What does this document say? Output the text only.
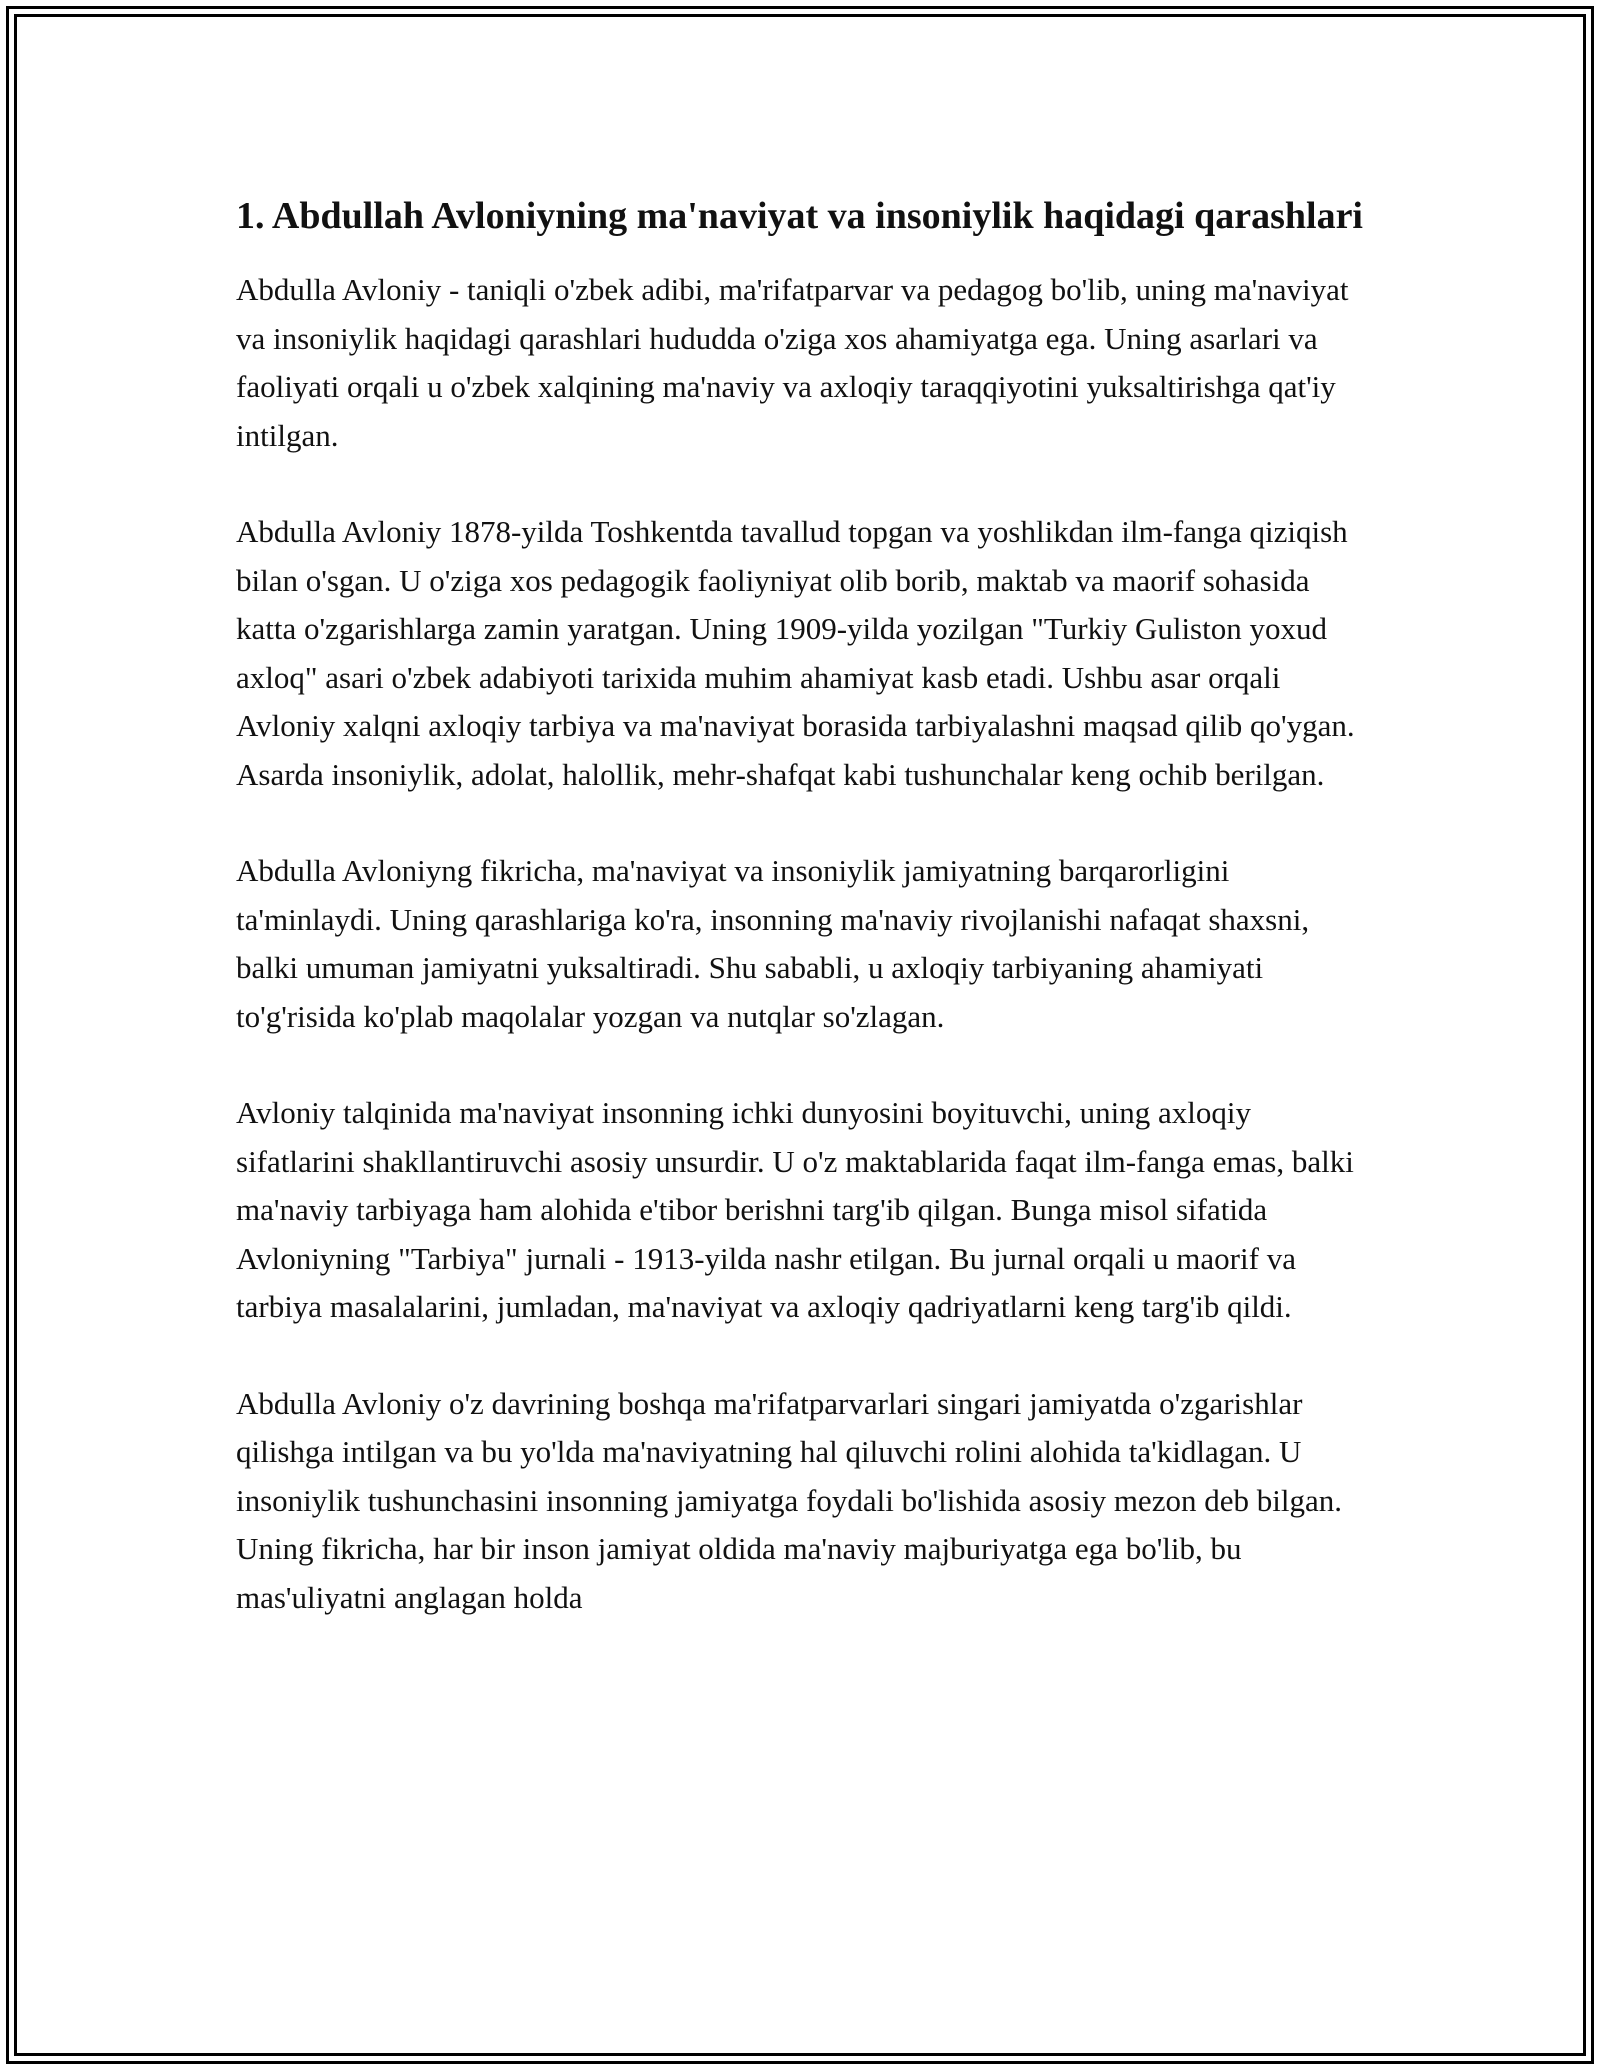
1. Abdullah Avloniyning ma'naviyat va insoniylik haqidagi qarashlari

Abdulla Avloniy - taniqli o'zbek adibi, ma'rifatparvar va pedagog bo'lib, uning ma'naviyat va insoniylik haqidagi qarashlari hududda o'ziga xos ahamiyatga ega. Uning asarlari va faoliyati orqali u o'zbek xalqining ma'naviy va axloqiy taraqqiyotini yuksaltirishga qat'iy intilgan.

Abdulla Avloniy 1878-yilda Toshkentda tavallud topgan va yoshlikdan ilm-fanga qiziqish bilan o'sgan. U o'ziga xos pedagogik faoliyniyat olib borib, maktab va maorif sohasida katta o'zgarishlarga zamin yaratgan. Uning 1909-yilda yozilgan "Turkiy Guliston yoxud axloq" asari o'zbek adabiyoti tarixida muhim ahamiyat kasb etadi. Ushbu asar orqali Avloniy xalqni axloqiy tarbiya va ma'naviyat borasida tarbiyalashni maqsad qilib qo'ygan. Asarda insoniylik, adolat, halollik, mehr-shafqat kabi tushunchalar keng ochib berilgan.

Abdulla Avloniyng fikricha, ma'naviyat va insoniylik jamiyatning barqarorligini ta'minlaydi. Uning qarashlariga ko'ra, insonning ma'naviy rivojlanishi nafaqat shaxsni, balki umuman jamiyatni yuksaltiradi. Shu sababli, u axloqiy tarbiyaning ahamiyati to'g'risida ko'plab maqolalar yozgan va nutqlar so'zlagan.

Avloniy talqinida ma'naviyat insonning ichki dunyosini boyituvchi, uning axloqiy sifatlarini shakllantiruvchi asosiy unsurdir. U o'z maktablarida faqat ilm-fanga emas, balki ma'naviy tarbiyaga ham alohida e'tibor berishni targ'ib qilgan. Bunga misol sifatida Avloniyning "Tarbiya" jurnali - 1913-yilda nashr etilgan. Bu jurnal orqali u maorif va tarbiya masalalarini, jumladan, ma'naviyat va axloqiy qadriyatlarni keng targ'ib qildi.

Abdulla Avloniy o'z davrining boshqa ma'rifatparvarlari singari jamiyatda o'zgarishlar qilishga intilgan va bu yo'lda ma'naviyatning hal qiluvchi rolini alohida ta'kidlagan. U insoniylik tushunchasini insonning jamiyatga foydali bo'lishida asosiy mezon deb bilgan. Uning fikricha, har bir inson jamiyat oldida ma'naviy majburiyatga ega bo'lib, bu mas'uliyatni anglagan holda
